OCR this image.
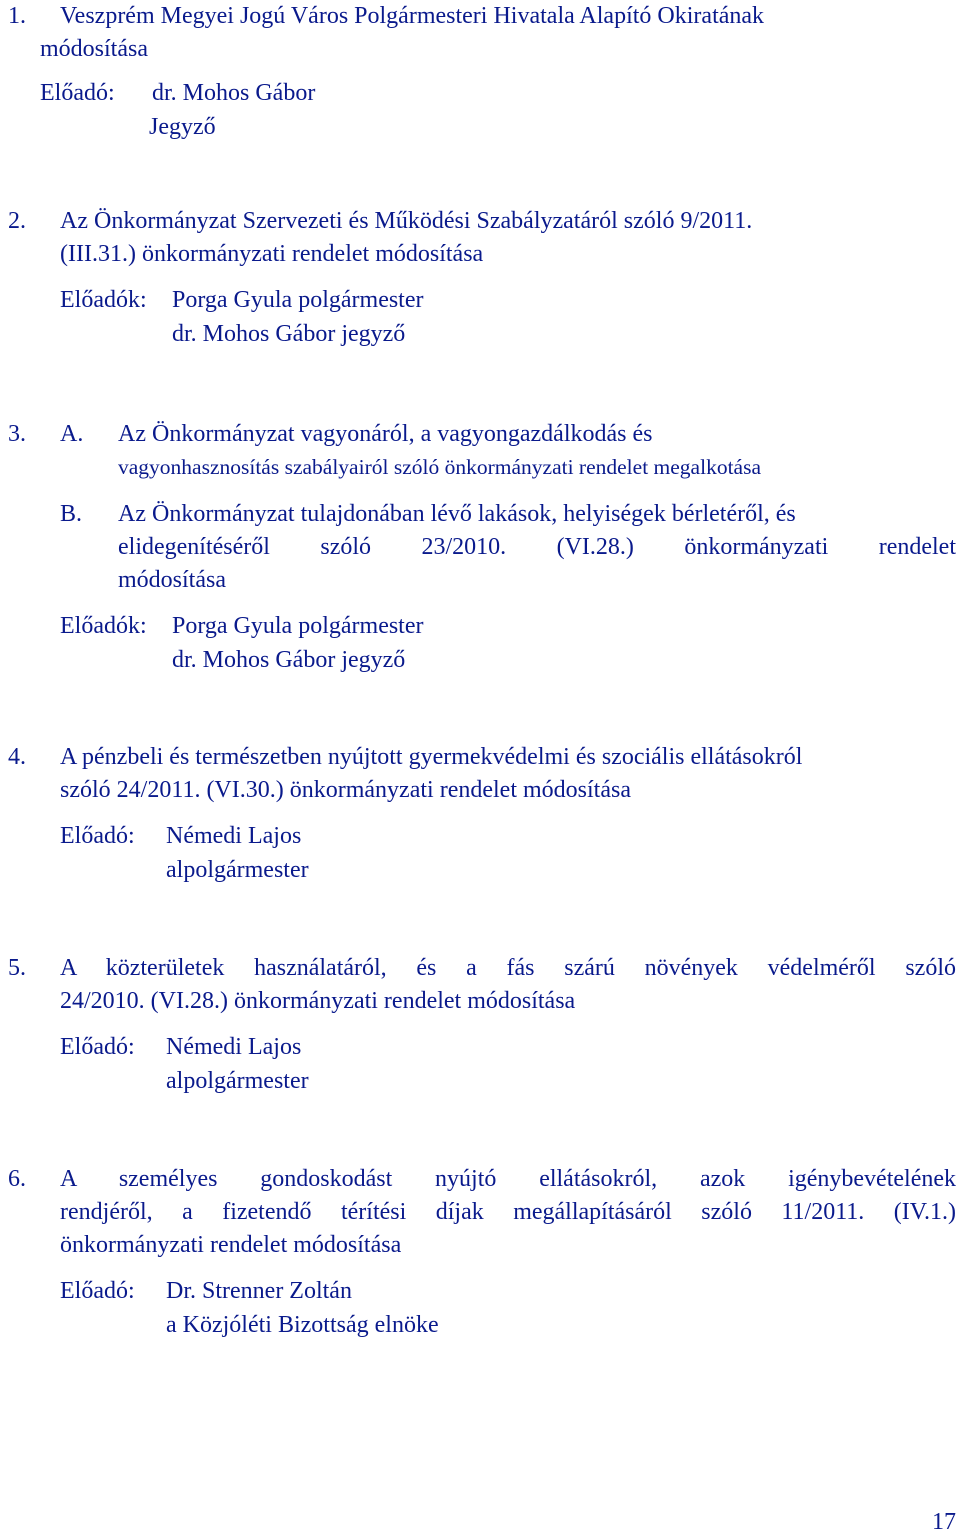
1. Veszprém Megyei Jogú Város Polgármesteri Hivatala Alapító Okiratának
módosítása
Előadó:	dr. Mohos Gábor
Jegyző
2. Az Önkormányzat Szervezeti és Működési Szabályzatáról szóló 9/2011.
(III.31.) önkormányzati rendelet módosítása
Előadók:	Porga Gyula polgármester
dr. Mohos Gábor jegyző
3. A. Az Önkormányzat vagyonáról, a vagyongazdálkodás és
vagyonhasznosítás szabályairól szóló önkormányzati rendelet megalkotása
B. Az Önkormányzat tulajdonában lévő lakások, helyiségek bérletéről, és
elidegenítéséről szóló 23/2010. (VI.28.) önkormányzati rendelet
módosítása
Előadók:	Porga Gyula polgármester
dr. Mohos Gábor jegyző
4. A pénzbeli és természetben nyújtott gyermekvédelmi és szociális ellátásokról
szóló 24/2011. (VI.30.) önkormányzati rendelet módosítása
Előadó:	Némedi Lajos
alpolgármester
5. A közterületek használatáról, és a fás szárú növények védelméről szóló
24/2010. (VI.28.) önkormányzati rendelet módosítása
Előadó:	Némedi Lajos
alpolgármester
6. A személyes gondoskodást nyújtó ellátásokról, azok igénybevételének
rendjéről, a fizetendő térítési díjak megállapításáról szóló 11/2011. (IV.1.)
önkormányzati rendelet módosítása
Előadó:	Dr. Strenner Zoltán
a Közjóléti Bizottság elnöke
17
